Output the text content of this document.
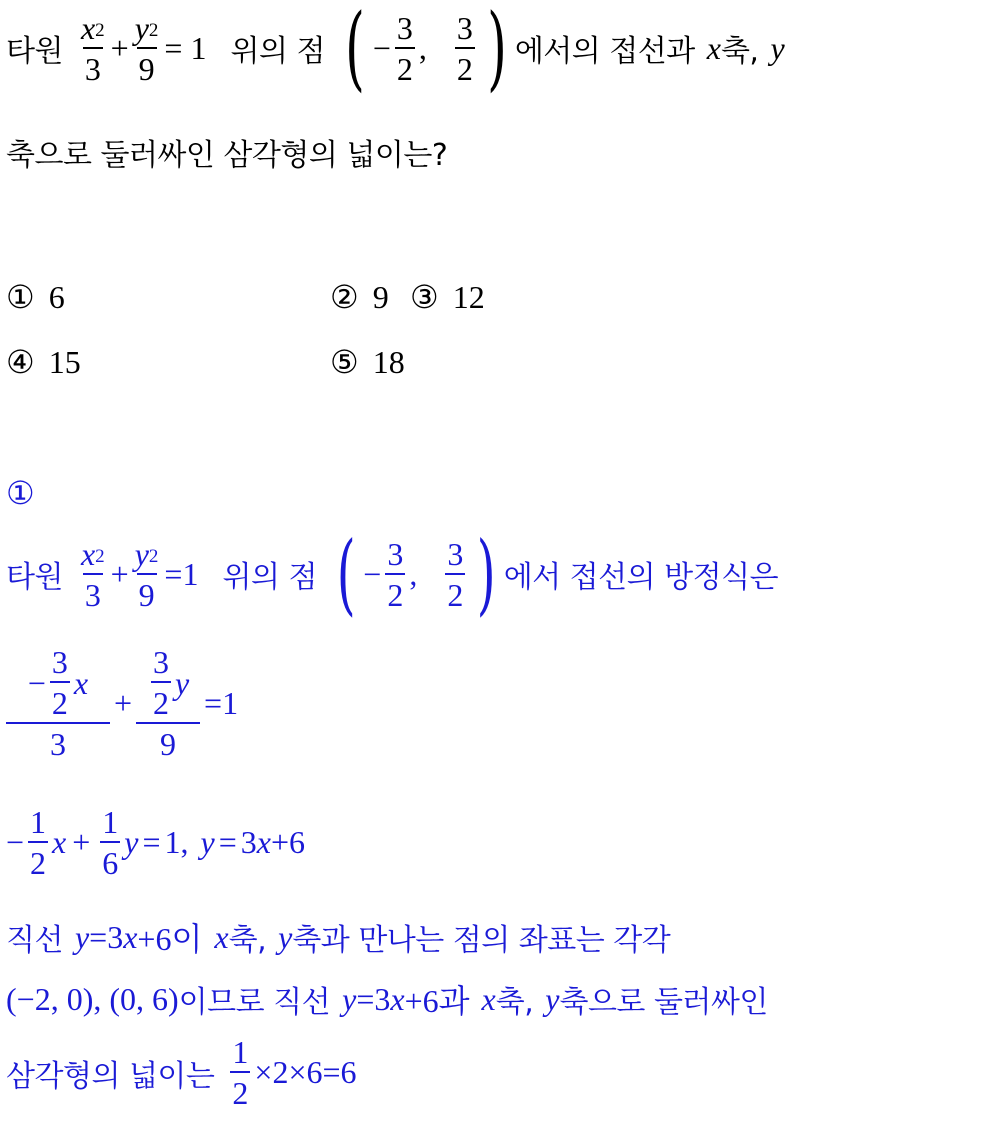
타원 $\frac{x^2}{3} + \frac{y^2}{9} = 1$ 위의 점 ( − $\frac{3}{2}$ , $\frac{3}{2}$ ) 에서의 접선과 x 축, y
축으로 둘러싸인 삼각형의 넓이는?
① 6	② 9 ③ 12
④ 15	⑤ 18
①
타원 $\frac{x^2}{3} + \frac{y^2}{9} = 1$ 위의 점 ( − $\frac{3}{2}$ , $\frac{3}{2}$ ) 에서 접선의 방정식은
− $\frac{3}{2}$ x
3
+ $\frac{\frac{3}{2} y}{9} = 1$
− $\frac{1}{2}$ $x + \frac{1}{6}$ y = 1 , y = 3 x +6
직선 y =3 x +6이 x 축, y 축과 만나는 점의 좌표는 각각
(−2, 0), (0, 6) 이므로 직선 y =3 x +6과 x 축, y 축으로 둘러싸인
삼각형의 넓이는 $\frac{1}{2} \times 2\times 6=6$
